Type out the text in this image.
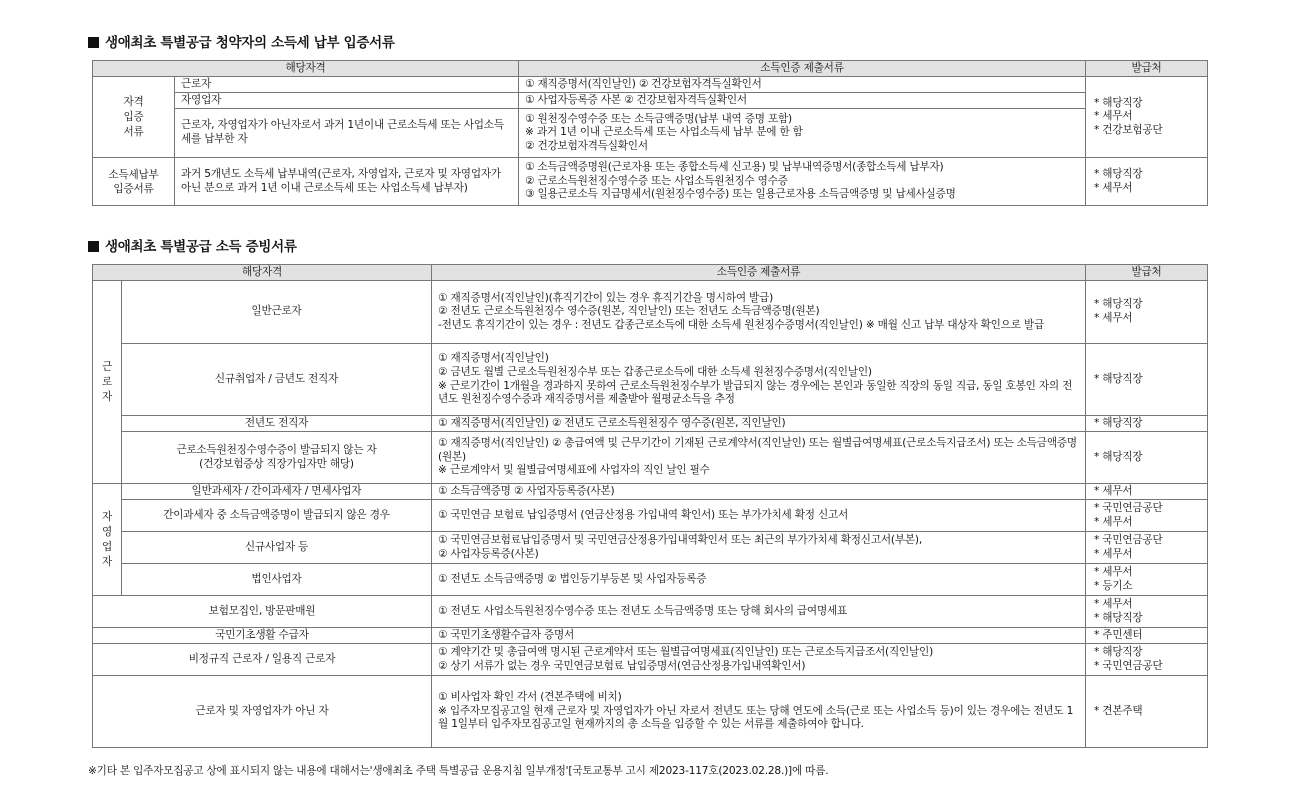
생애최초 특별공급 청약자의 소득세 납부 입증서류
해당자격		소득인증 제출서류	발급처
자격
입증
서류	근로자	① 재직증명서(직인날인) ② 건강보험자격득실확인서	* 해당직장
* 세무서
* 건강보험공단

	자영업자	① 사업자등록증 사본 ② 건강보험자격득실확인서	

	근로자, 자영업자가 아닌자로서 과거 1년이내 근로소득세 또는 사업소득세를 납부한 자	① 원천징수영수증 또는 소득금액증명(납부 내역 증명 포함)
※ 과거 1년 이내 근로소득세 또는 사업소득세 납부 분에 한 함
② 건강보험자격득실확인서	

소득세납부
입증서류	과거 5개년도 소득세 납부내역(근로자, 자영업자, 근로자 및 자영업자가 아닌 분으로 과거 1년 이내 근로소득세 또는 사업소득세 납부자)	① 소득금액증명원(근로자용 또는 종합소득세 신고용) 및 납부내역증명서(종합소득세 납부자)
② 근로소득원천징수영수증 또는 사업소득원천징수 영수증
③ 일용근로소득 지급명세서(원천징수영수증) 또는 일용근로자용 소득금액증명 및 납세사실증명	* 해당직장
* 세무서
생애최초 특별공급 소득 증빙서류
해당자격		소득인증 제출서류	발급처
근
로
자	일반근로자	① 재직증명서(직인날인)(휴직기간이 있는 경우 휴직기간을 명시하여 발급)
② 전년도 근로소득원천징수 영수증(원본, 직인날인) 또는 전년도 소득금액증명(원본)
-전년도 휴직기간이 있는 경우 : 전년도 갑종근로소득에 대한 소득세 원천징수증명서(직인날인) ※ 매월 신고 납부 대상자 확인으로 발급	* 해당직장
* 세무서

	신규취업자 / 금년도 전직자	① 재직증명서(직인날인)
② 금년도 월별 근로소득원천징수부 또는 갑종근로소득에 대한 소득세 원천징수증명서(직인날인)
※ 근로기간이 1개월을 경과하지 못하여 근로소득원천징수부가 발급되지 않는 경우에는 본인과 동일한 직장의 동일 직급, 동일 호봉인 자의 전년도 원천징수영수증과 재직증명서를 제출받아 월평균소득을 추정	* 해당직장

	전년도 전직자	① 재직증명서(직인날인) ② 전년도 근로소득원천징수 영수증(원본, 직인날인)	* 해당직장

	근로소득원천징수영수증이 발급되지 않는 자
(건강보험증상 직장가입자만 해당)	① 재직증명서(직인날인) ② 총급여액 및 근무기간이 기재된 근로계약서(직인날인) 또는 월별급여명세표(근로소득지급조서) 또는 소득금액증명(원본)
※ 근로계약서 및 월별급여명세표에 사업자의 직인 날인 필수	* 해당직장

자
영
업
자	일반과세자 / 간이과세자 / 면세사업자	① 소득금액증명 ② 사업자등록증(사본)	* 세무서

	간이과세자 중 소득금액증명이 발급되지 않은 경우	① 국민연금 보험료 납입증명서 (연금산정용 가입내역 확인서) 또는 부가가치세 확정 신고서	* 국민연금공단
* 세무서

	신규사업자 등	① 국민연금보험료납입증명서 및 국민연금산정용가입내역확인서 또는 최근의 부가가치세 확정신고서(부본),
② 사업자등록증(사본)	* 국민연금공단
* 세무서

	법인사업자	① 전년도 소득금액증명 ② 법인등기부등본 및 사업자등록증	* 세무서
* 등기소

보험모집인, 방문판매원		① 전년도 사업소득원천징수영수증 또는 전년도 소득금액증명 또는 당해 회사의 급여명세표	* 세무서
* 해당직장

국민기초생활 수급자		① 국민기초생활수급자 증명서	* 주민센터

비정규직 근로자 / 일용직 근로자		① 계약기간 및 총급여액 명시된 근로계약서 또는 월별급여명세표(직인날인) 또는 근로소득지급조서(직인날인)
② 상기 서류가 없는 경우 국민연금보험료 납입증명서(연금산정용가입내역확인서)	* 해당직장
* 국민연금공단

근로자 및 자영업자가 아닌 자		① 비사업자 확인 각서 (견본주택에 비치)
※ 입주자모집공고일 현재 근로자 및 자영업자가 아닌 자로서 전년도 또는 당해 연도에 소득(근로 또는 사업소득 등)이 있는 경우에는 전년도 1월 1일부터 입주자모집공고일 현재까지의 총 소득을 입증할 수 있는 서류를 제출하여야 합니다.	* 견본주택
※기타 본 입주자모집공고 상에 표시되지 않는 내용에 대해서는'생애최초 주택 특별공급 운용지침 일부개정'[국토교통부 고시 제2023-117호(2023.02.28.)]에 따름.
